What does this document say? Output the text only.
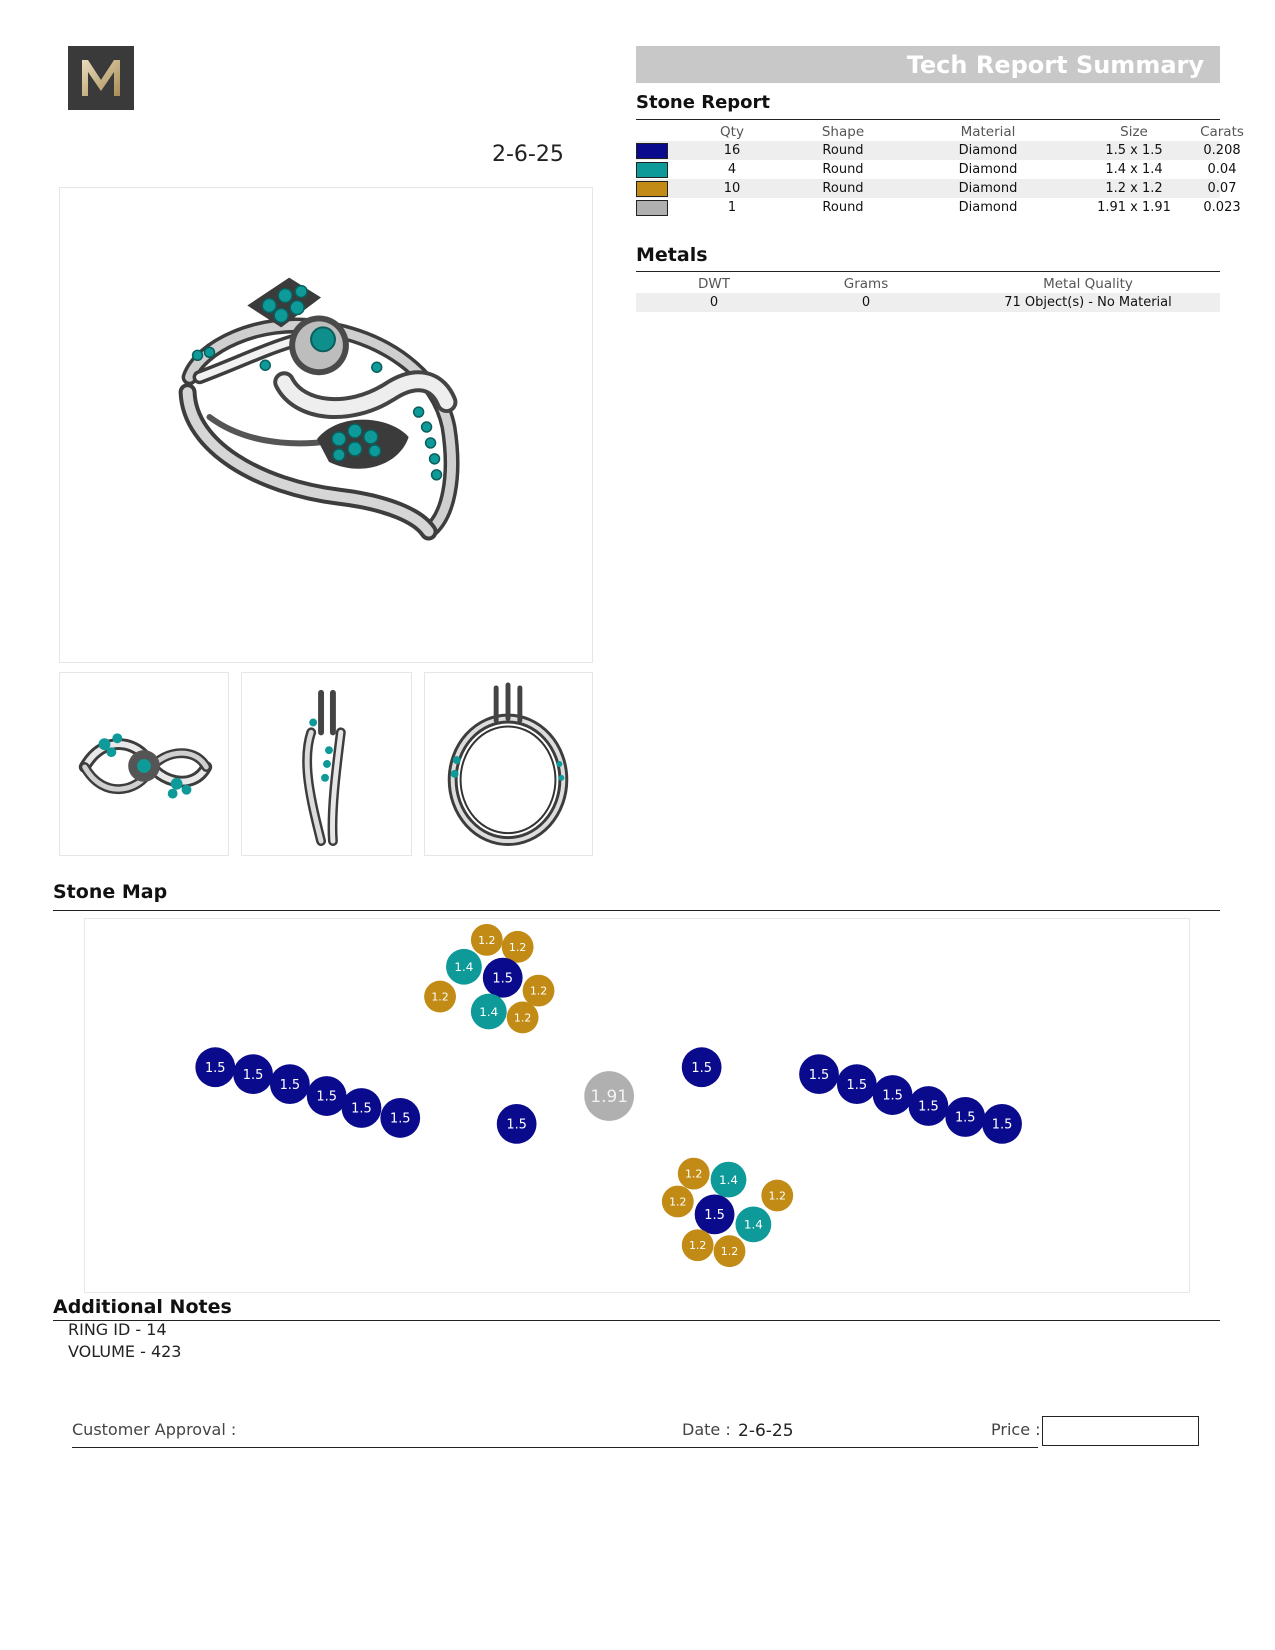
2-6-25
Tech Report Summary
Stone Report
Qty	Shape	Material	Size	Carats
16	Round	Diamond	1.5 x 1.5	0.208
4	Round	Diamond	1.4 x 1.4	0.04
10	Round	Diamond	1.2 x 1.2	0.07
1	Round	Diamond	1.91 x 1.91	0.023
Metals
DWT	Grams	Metal Quality
0	0	71 Object(s) - No Material
Stone Map
1.2
1.2
1.4
1.5
1.2
1.2
1.4 1.2
1.5 1.5
1.5
1.5
1.5
1.5	1.5
1.91
1.5	1.5
1.5
1.5
1.5
1.5 1.5
1.2 1.4
1.2	1.2
1.5
1.4
1.2 1.2
Additional Notes
RING ID - 14
VOLUME - 423
Customer Approval :	Date : 2-6-25	Price :
